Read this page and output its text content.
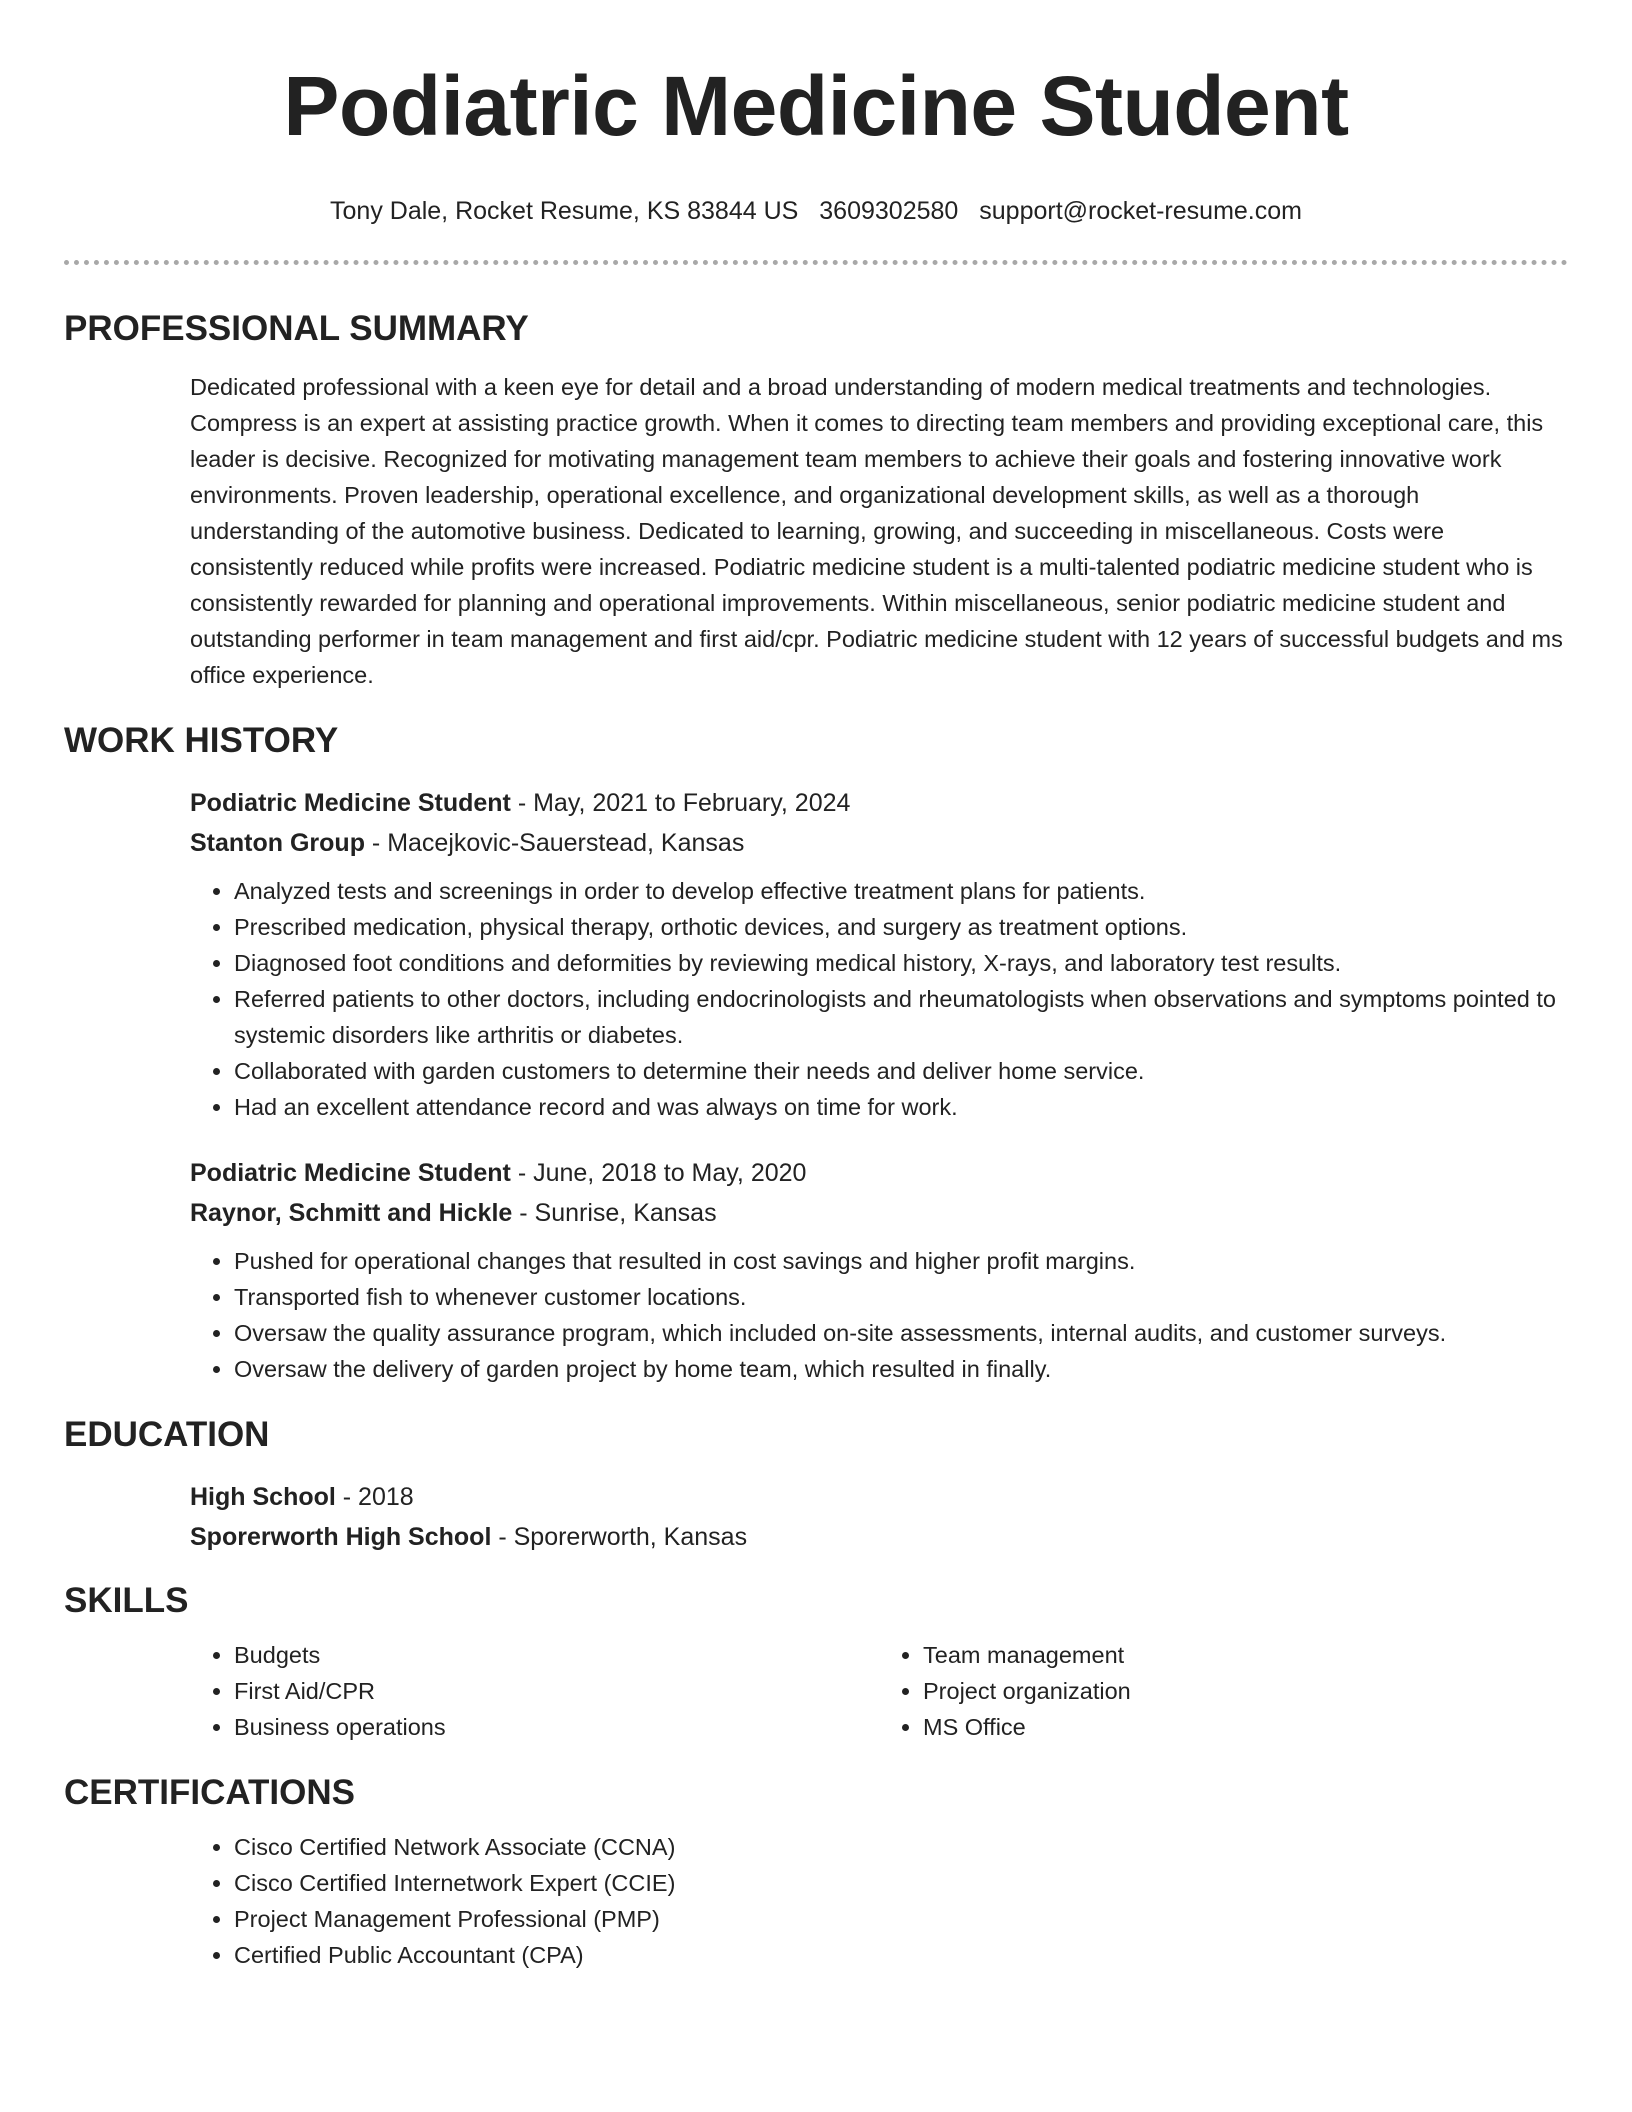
Podiatric Medicine Student
Tony Dale, Rocket Resume, KS 83844 US 3609302580 support@rocket-resume.com
PROFESSIONAL SUMMARY

Dedicated professional with a keen eye for detail and a broad understanding of modern medical treatments and technologies. Compress is an expert at assisting practice growth. When it comes to directing team members and providing exceptional care, this leader is decisive. Recognized for motivating management team members to achieve their goals and fostering innovative work environments. Proven leadership, operational excellence, and organizational development skills, as well as a thorough understanding of the automotive business. Dedicated to learning, growing, and succeeding in miscellaneous. Costs were consistently reduced while profits were increased. Podiatric medicine student is a multi-talented podiatric medicine student who is consistently rewarded for planning and operational improvements. Within miscellaneous, senior podiatric medicine student and outstanding performer in team management and first aid/cpr. Podiatric medicine student with 12 years of successful budgets and ms office experience.

WORK HISTORY
Podiatric Medicine Student - May, 2021 to February, 2024
Stanton Group - Macejkovic-Sauerstead, Kansas
• Analyzed tests and screenings in order to develop effective treatment plans for patients.
• Prescribed medication, physical therapy, orthotic devices, and surgery as treatment options.
• Diagnosed foot conditions and deformities by reviewing medical history, X-rays, and laboratory test results.
• Referred patients to other doctors, including endocrinologists and rheumatologists when observations and symptoms pointed to systemic disorders like arthritis or diabetes.
• Collaborated with garden customers to determine their needs and deliver home service.
• Had an excellent attendance record and was always on time for work.
Podiatric Medicine Student - June, 2018 to May, 2020
Raynor, Schmitt and Hickle - Sunrise, Kansas
• Pushed for operational changes that resulted in cost savings and higher profit margins.
• Transported fish to whenever customer locations.
• Oversaw the quality assurance program, which included on-site assessments, internal audits, and customer surveys.
• Oversaw the delivery of garden project by home team, which resulted in finally.
EDUCATION
High School - 2018
Sporerworth High School - Sporerworth, Kansas
SKILLS
• Budgets
• First Aid/CPR
• Business operations
• Team management
• Project organization
• MS Office
CERTIFICATIONS
• Cisco Certified Network Associate (CCNA)
• Cisco Certified Internetwork Expert (CCIE)
• Project Management Professional (PMP)
• Certified Public Accountant (CPA)
